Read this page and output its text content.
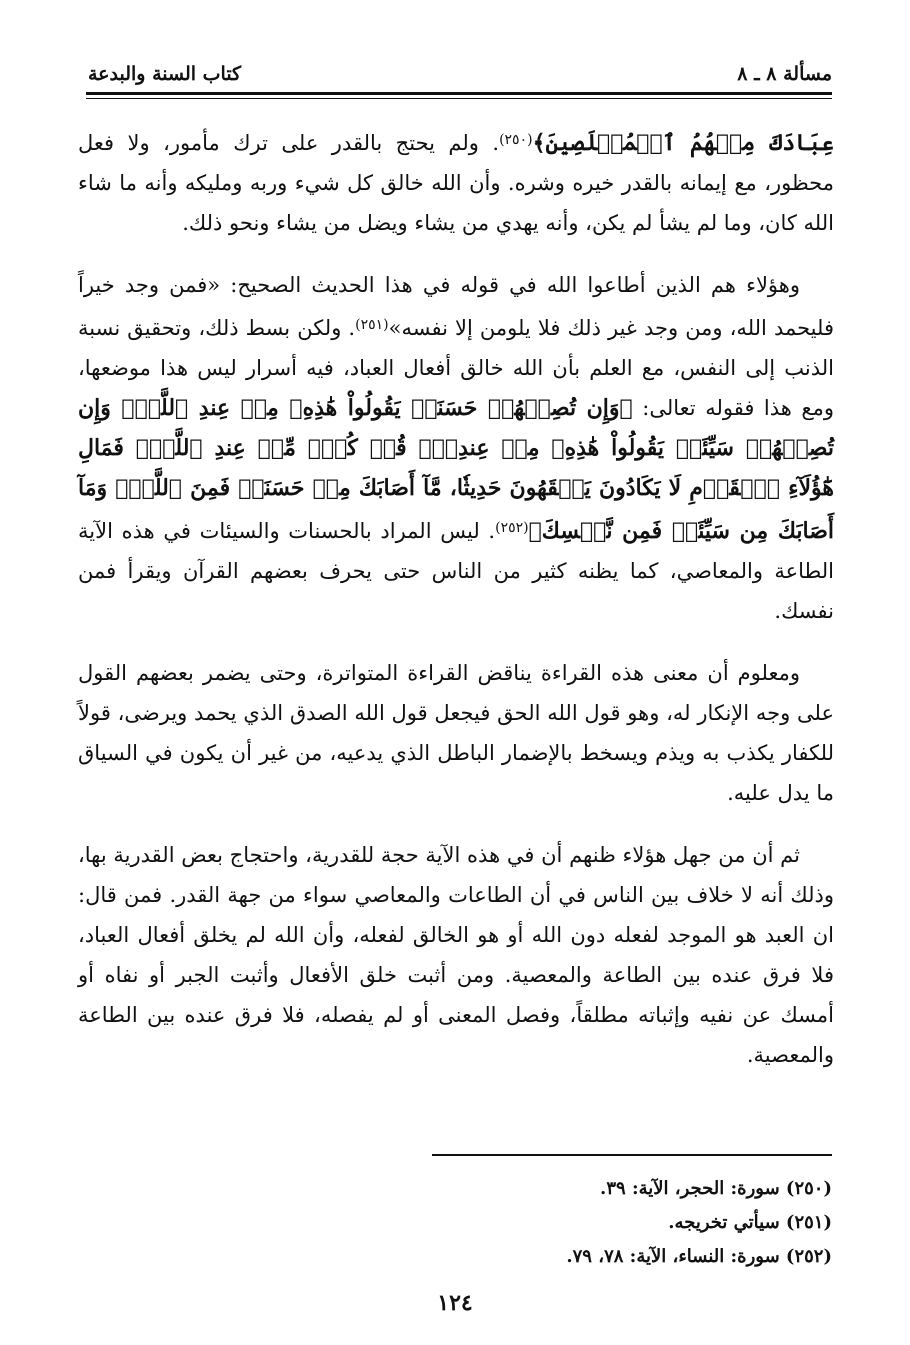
مسألة ٨ ـ ٨
كتاب السنة والبدعة

عِبَادَكَ مِنۡهُمُ ٱلۡمُخۡلَصِينَ﴾$^{(٢٥٠)}$. ولم يحتج بالقدر على ترك مأمور، ولا فعل محظور، مع إيمانه بالقدر خيره وشره. وأن الله خالق كل شيء وربه ومليكه وأنه ما شاء الله كان، وما لم يشأ لم يكن، وأنه يهدي من يشاء ويضل من يشاء ونحو ذلك.

وهؤلاء هم الذين أطاعوا الله في قوله في هذا الحديث الصحيح: «فمن وجد خيراً فليحمد الله، ومن وجد غير ذلك فلا يلومن إلا نفسه»$^{(٢٥١)}$. ولكن بسط ذلك، وتحقيق نسبة الذنب إلى النفس، مع العلم بأن الله خالق أفعال العباد، فيه أسرار ليس هذا موضعها، ومع هذا فقوله تعالى: ﴿وَإِن تُصِبۡهُمۡ حَسَنَةٞ يَقُولُواْ هَٰذِهِۦ مِنۡ عِندِ ٱللَّهِۖ وَإِن تُصِبۡهُمۡ سَيِّئَةٞ يَقُولُواْ هَٰذِهِۦ مِنۡ عِندِكَۚ قُلۡ كُلّٞ مِّنۡ عِندِ ٱللَّهِۖ فَمَالِ هَٰٓؤُلَآءِ ٱلۡقَوۡمِ لَا يَكَادُونَ يَفۡقَهُونَ حَدِيثٗا، مَّآ أَصَابَكَ مِنۡ حَسَنَةٖ فَمِنَ ٱللَّهِۖ وَمَآ أَصَابَكَ مِن سَيِّئَةٖ فَمِن نَّفۡسِكَ﴾$^{(٢٥٢)}$. ليس المراد بالحسنات والسيئات في هذه الآية الطاعة والمعاصي، كما يظنه كثير من الناس حتى يحرف بعضهم القرآن ويقرأ فمن نفسك.

ومعلوم أن معنى هذه القراءة يناقض القراءة المتواترة، وحتى يضمر بعضهم القول على وجه الإنكار له، وهو قول الله الحق فيجعل قول الله الصدق الذي يحمد ويرضى، قولاً للكفار يكذب به ويذم ويسخط بالإضمار الباطل الذي يدعيه، من غير أن يكون في السياق ما يدل عليه.

ثم أن من جهل هؤلاء ظنهم أن في هذه الآية حجة للقدرية، واحتجاج بعض القدرية بها، وذلك أنه لا خلاف بين الناس في أن الطاعات والمعاصي سواء من جهة القدر. فمن قال: ان العبد هو الموجد لفعله دون الله أو هو الخالق لفعله، وأن الله لم يخلق أفعال العباد، فلا فرق عنده بين الطاعة والمعصية. ومن أثبت خلق الأفعال وأثبت الجبر أو نفاه أو أمسك عن نفيه وإثباته مطلقاً، وفصل المعنى أو لم يفصله، فلا فرق عنده بين الطاعة والمعصية.

(٢٥٠) سورة: الحجر، الآية: ٣٩.
(٢٥١) سيأتي تخريجه.
(٢٥٢) سورة: النساء، الآية: ٧٨، ٧٩.
١٢٤
